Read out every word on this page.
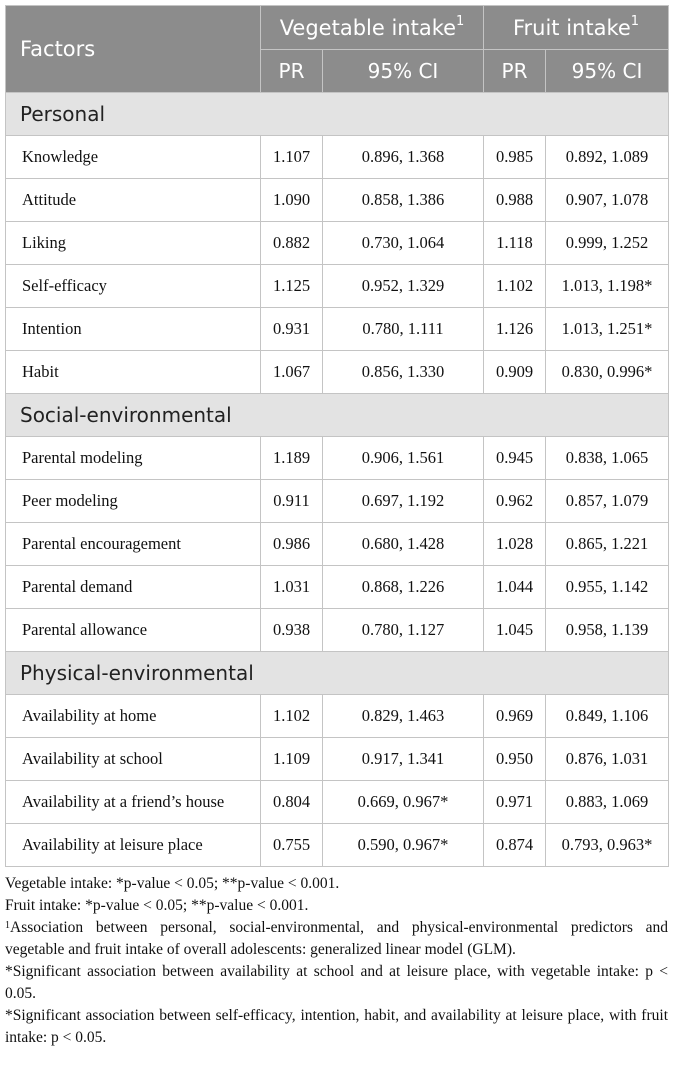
Factors	Vegetable intake$^1$		Fruit intake$^1$
	PR	95% CI	PR	95% CI
Personal				
Knowledge	1.107	0.896, 1.368	0.985	0.892, 1.089
Attitude	1.090	0.858, 1.386	0.988	0.907, 1.078
Liking	0.882	0.730, 1.064	1.118	0.999, 1.252
Self-efficacy	1.125	0.952, 1.329	1.102	1.013, 1.198*
Intention	0.931	0.780, 1.111	1.126	1.013, 1.251*
Habit	1.067	0.856, 1.330	0.909	0.830, 0.996*
Social-environmental				
Parental modeling	1.189	0.906, 1.561	0.945	0.838, 1.065
Peer modeling	0.911	0.697, 1.192	0.962	0.857, 1.079
Parental encouragement	0.986	0.680, 1.428	1.028	0.865, 1.221
Parental demand	1.031	0.868, 1.226	1.044	0.955, 1.142
Parental allowance	0.938	0.780, 1.127	1.045	0.958, 1.139
Physical-environmental				
Availability at home	1.102	0.829, 1.463	0.969	0.849, 1.106
Availability at school	1.109	0.917, 1.341	0.950	0.876, 1.031
Availability at a friend’s house	0.804	0.669, 0.967*	0.971	0.883, 1.069
Availability at leisure place	0.755	0.590, 0.967*	0.874	0.793, 0.963*

Vegetable intake: *p-value < 0.05; **p-value < 0.001.

Fruit intake: *p-value < 0.05; **p-value < 0.001.

$^1$Association between personal, social-environmental, and physical-environmental predictors and vegetable and fruit intake of overall adolescents: generalized linear model (GLM).

*Significant association between availability at school and at leisure place, with vegetable intake: p < 0.05.

*Significant association between self-efficacy, intention, habit, and availability at leisure place, with fruit intake: p < 0.05.
